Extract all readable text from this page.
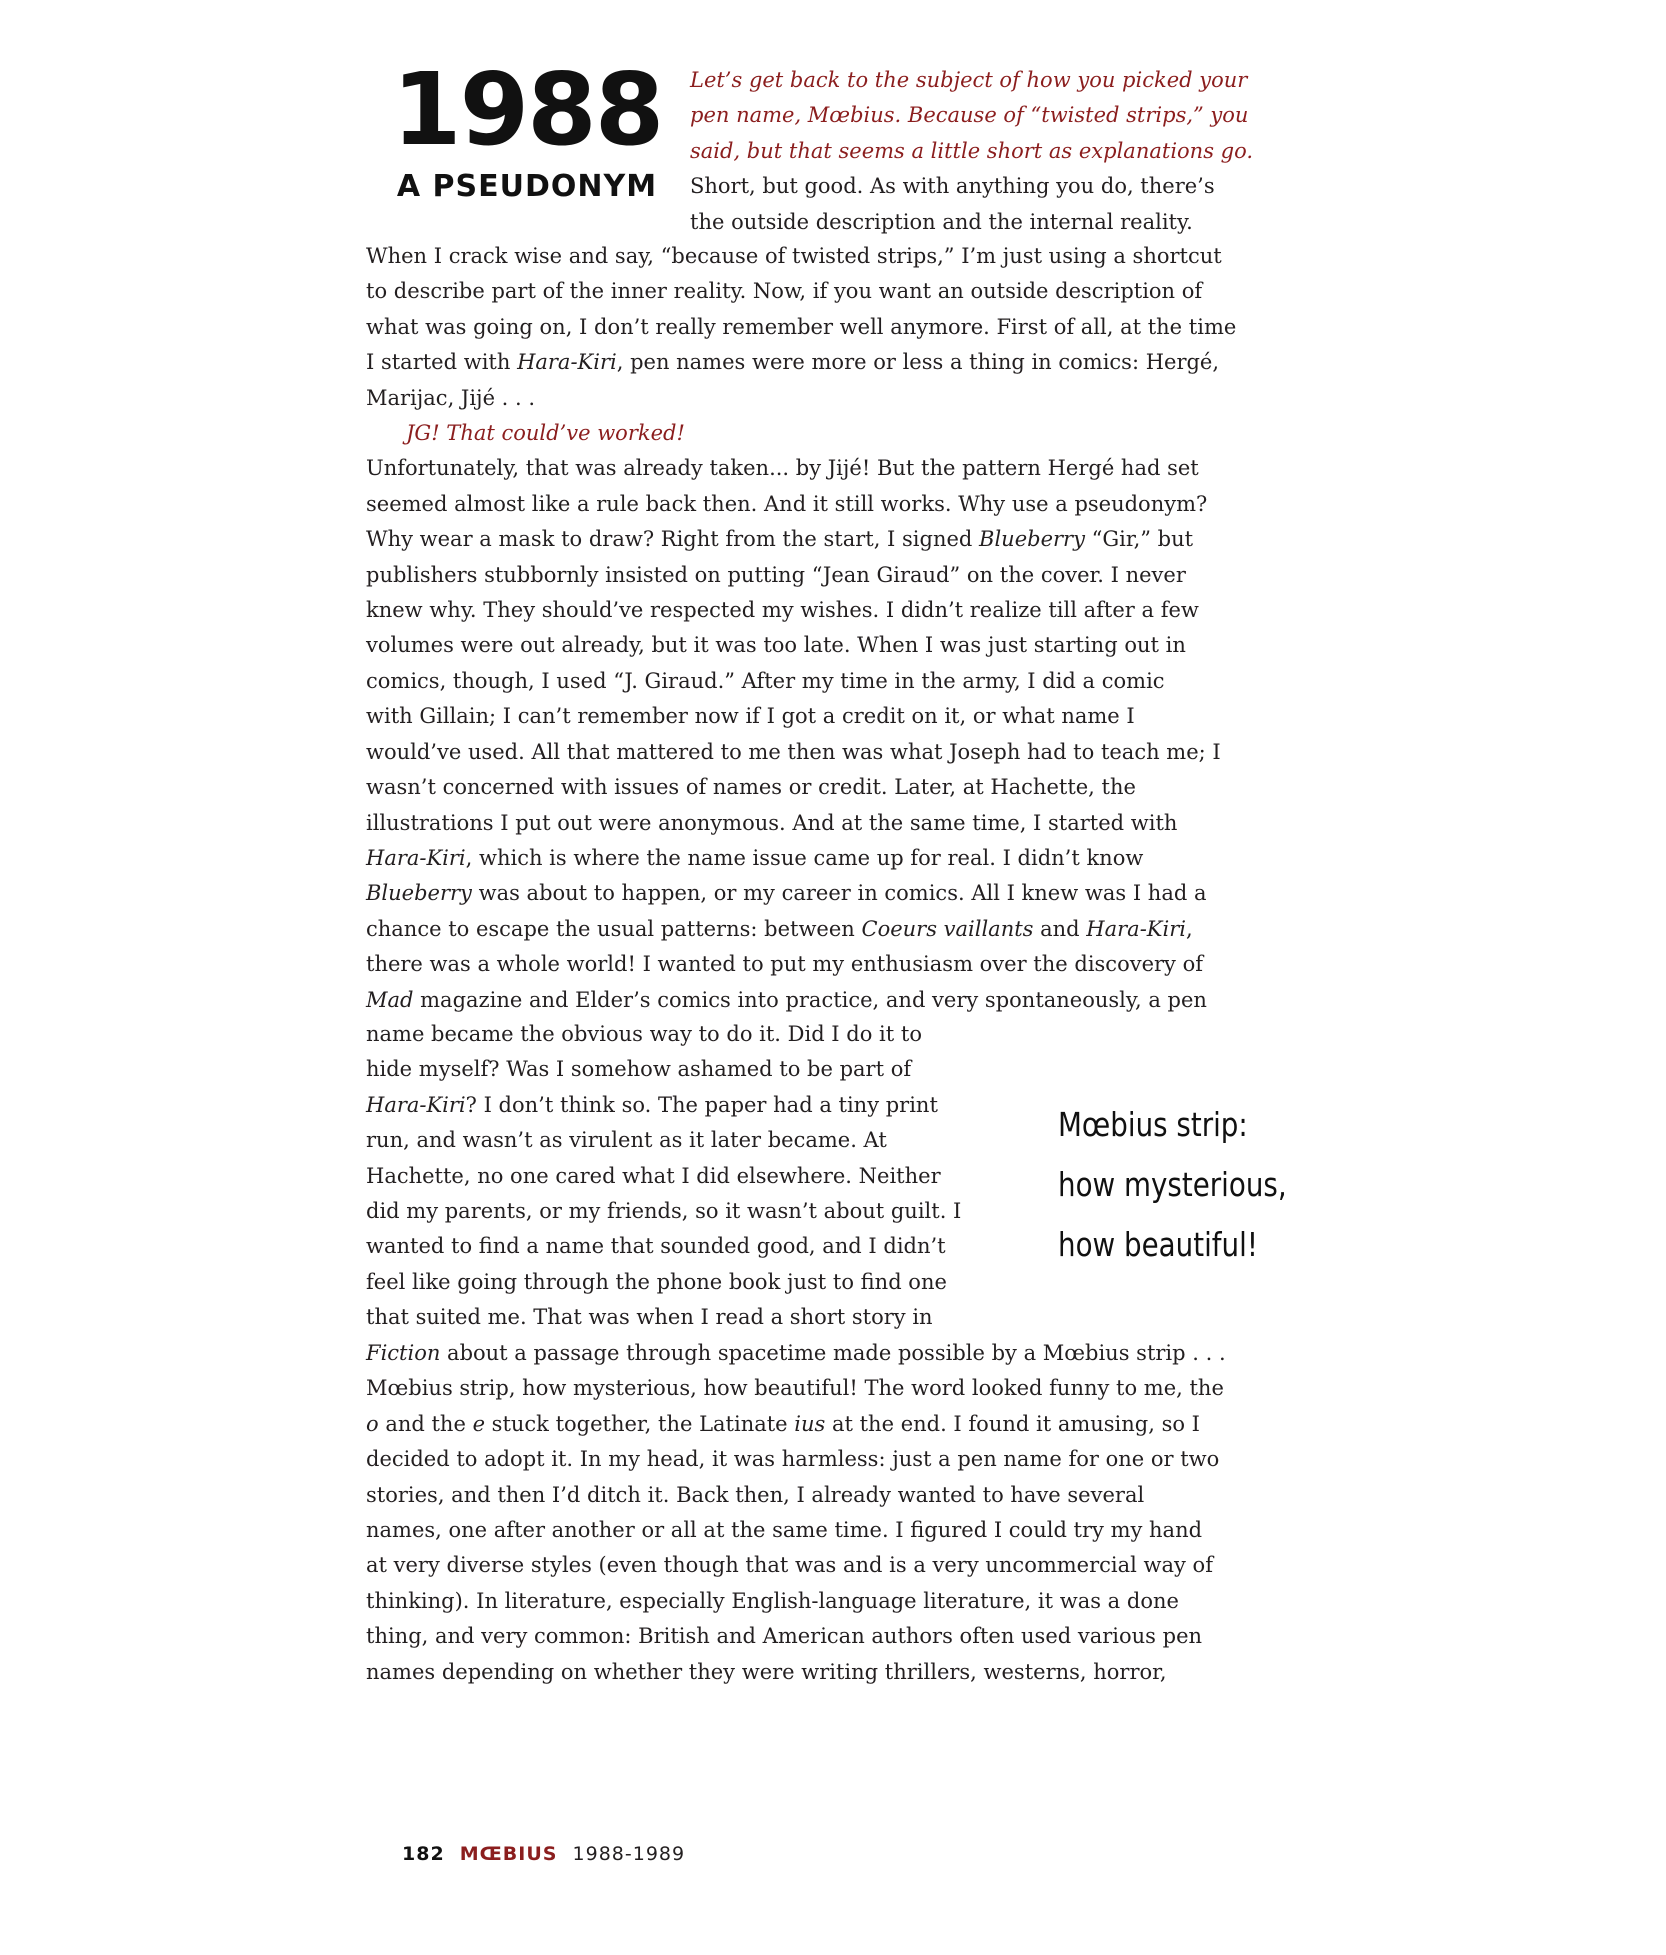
1988
A PSEUDONYM

Let’s get back to the subject of how you picked your

pen name, Mœbius. Because of “twisted strips,” you

said, but that seems a little short as explanations go.

Short, but good. As with anything you do, there’s

the outside description and the internal reality.

When I crack wise and say, “because of twisted strips,” I’m just using a shortcut

to describe part of the inner reality. Now, if you want an outside description of

what was going on, I don’t really remember well anymore. First of all, at the time

I started with Hara-Kiri, pen names were more or less a thing in comics: Hergé,

Marijac, Jijé . . .

JG! That could’ve worked!

Unfortunately, that was already taken... by Jijé! But the pattern Hergé had set

seemed almost like a rule back then. And it still works. Why use a pseudonym?

Why wear a mask to draw? Right from the start, I signed Blueberry “Gir,” but

publishers stubbornly insisted on putting “Jean Giraud” on the cover. I never

knew why. They should’ve respected my wishes. I didn’t realize till after a few

volumes were out already, but it was too late. When I was just starting out in

comics, though, I used “J. Giraud.” After my time in the army, I did a comic

with Gillain; I can’t remember now if I got a credit on it, or what name I

would’ve used. All that mattered to me then was what Joseph had to teach me; I

wasn’t concerned with issues of names or credit. Later, at Hachette, the

illustrations I put out were anonymous. And at the same time, I started with

Hara-Kiri, which is where the name issue came up for real. I didn’t know

Blueberry was about to happen, or my career in comics. All I knew was I had a

chance to escape the usual patterns: between Coeurs vaillants and Hara-Kiri,

there was a whole world! I wanted to put my enthusiasm over the discovery of

Mad magazine and Elder’s comics into practice, and very spontaneously, a pen

name became the obvious way to do it. Did I do it to

hide myself? Was I somehow ashamed to be part of

Hara-Kiri? I don’t think so. The paper had a tiny print

run, and wasn’t as virulent as it later became. At

Hachette, no one cared what I did elsewhere. Neither

did my parents, or my friends, so it wasn’t about guilt. I

wanted to find a name that sounded good, and I didn’t

feel like going through the phone book just to find one

that suited me. That was when I read a short story in

Mœbius strip:
how mysterious,
how beautiful!

Fiction about a passage through spacetime made possible by a Mœbius strip . . .

Mœbius strip, how mysterious, how beautiful! The word looked funny to me, the

o and the e stuck together, the Latinate ius at the end. I found it amusing, so I

decided to adopt it. In my head, it was harmless: just a pen name for one or two

stories, and then I’d ditch it. Back then, I already wanted to have several

names, one after another or all at the same time. I figured I could try my hand

at very diverse styles (even though that was and is a very uncommercial way of

thinking). In literature, especially English-language literature, it was a done

thing, and very common: British and American authors often used various pen

names depending on whether they were writing thrillers, westerns, horror,

182 MŒBIUS 1988-1989
